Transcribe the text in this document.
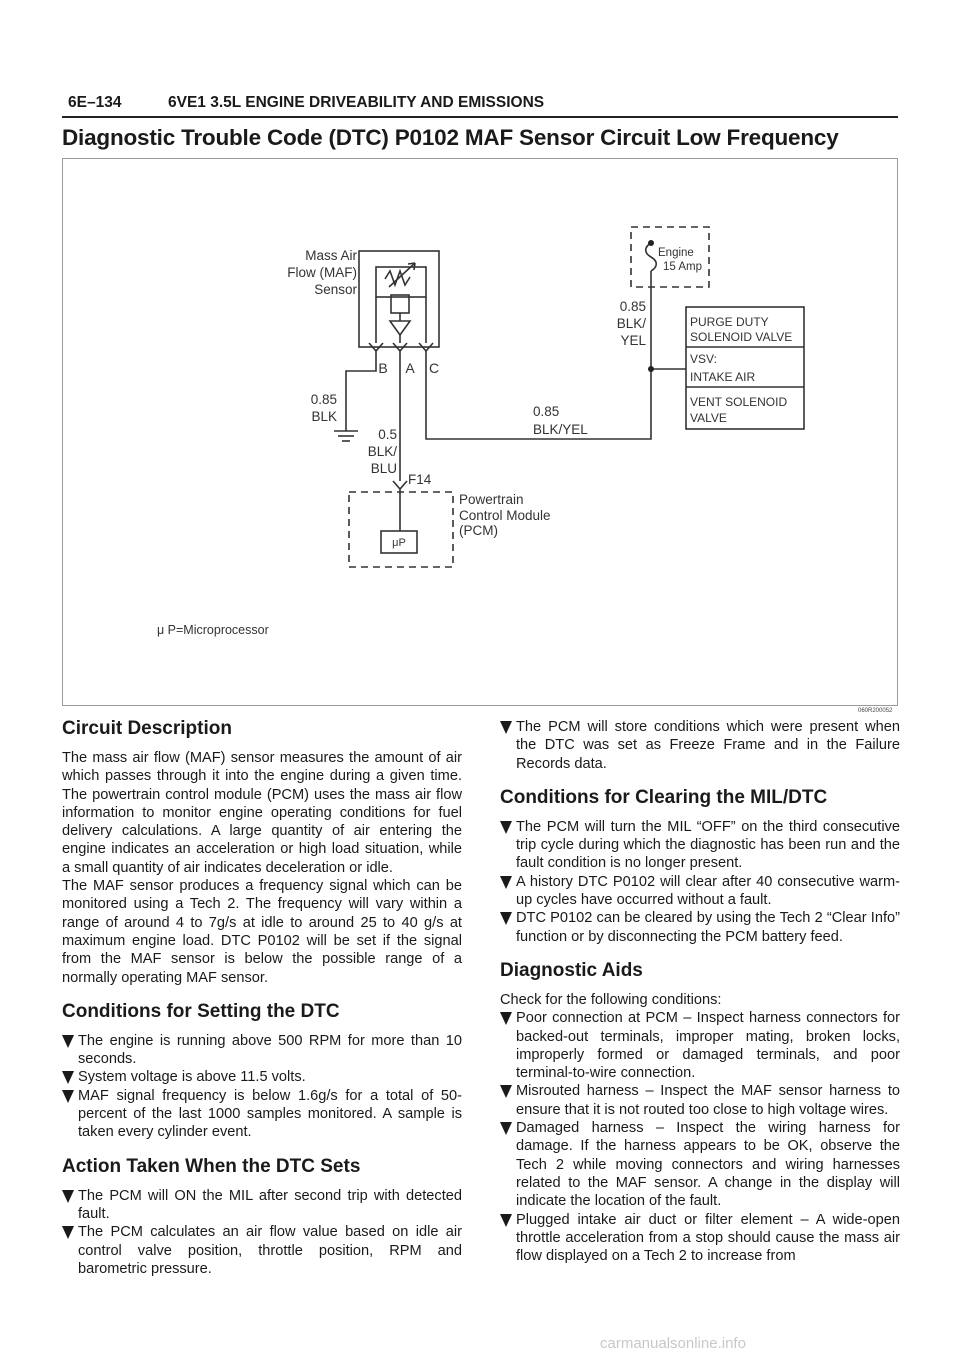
6E–134	6VE1 3.5L ENGINE DRIVEABILITY AND EMISSIONS
Diagnostic Trouble Code (DTC) P0102 MAF Sensor Circuit Low Frequency
Mass Air
Flow (MAF)
Sensor
B A C
0.85
BLK
0.5
BLK/
BLU
F14
0.85
BLK/YEL
0.85
BLK/
YEL
Engine
15 Amp
PURGE DUTY
SOLENOID VALVE
VSV:
INTAKE AIR
VENT SOLENOID
VALVE
Powertrain
Control Module
(PCM)
μP
μ P=Microprocessor
060R200052
Circuit Description

The mass air flow (MAF) sensor measures the amount of air which passes through it into the engine during a given time. The powertrain control module (PCM) uses the mass air flow information to monitor engine operating conditions for fuel delivery calculations. A large quantity of air entering the engine indicates an acceleration or high load situation, while a small quantity of air indicates deceleration or idle.

The MAF sensor produces a frequency signal which can be monitored using a Tech 2. The frequency will vary within a range of around 4 to 7g/s at idle to around 25 to 40 g/s at maximum engine load. DTC P0102 will be set if the signal from the MAF sensor is below the possible range of a normally operating MAF sensor.

Conditions for Setting the DTC
The engine is running above 500 RPM for more than 10 seconds.
System voltage is above 11.5 volts.
MAF signal frequency is below 1.6g/s for a total of 50-percent of the last 1000 samples monitored. A sample is taken every cylinder event.
Action Taken When the DTC Sets
The PCM will ON the MIL after second trip with detected fault.
The PCM calculates an air flow value based on idle air control valve position, throttle position, RPM and barometric pressure.
The PCM will store conditions which were present when the DTC was set as Freeze Frame and in the Failure Records data.
Conditions for Clearing the MIL/DTC
The PCM will turn the MIL “OFF” on the third consecutive trip cycle during which the diagnostic has been run and the fault condition is no longer present.
A history DTC P0102 will clear after 40 consecutive warm-up cycles have occurred without a fault.
DTC P0102 can be cleared by using the Tech 2 “Clear Info” function or by disconnecting the PCM battery feed.
Diagnostic Aids

Check for the following conditions:

Poor connection at PCM – Inspect harness connectors for backed-out terminals, improper mating, broken locks, improperly formed or damaged terminals, and poor terminal-to-wire connection.
Misrouted harness – Inspect the MAF sensor harness to ensure that it is not routed too close to high voltage wires.
Damaged harness – Inspect the wiring harness for damage. If the harness appears to be OK, observe the Tech 2 while moving connectors and wiring harnesses related to the MAF sensor. A change in the display will indicate the location of the fault.
Plugged intake air duct or filter element – A wide-open throttle acceleration from a stop should cause the mass air flow displayed on a Tech 2 to increase from
carmanualsonline.info
